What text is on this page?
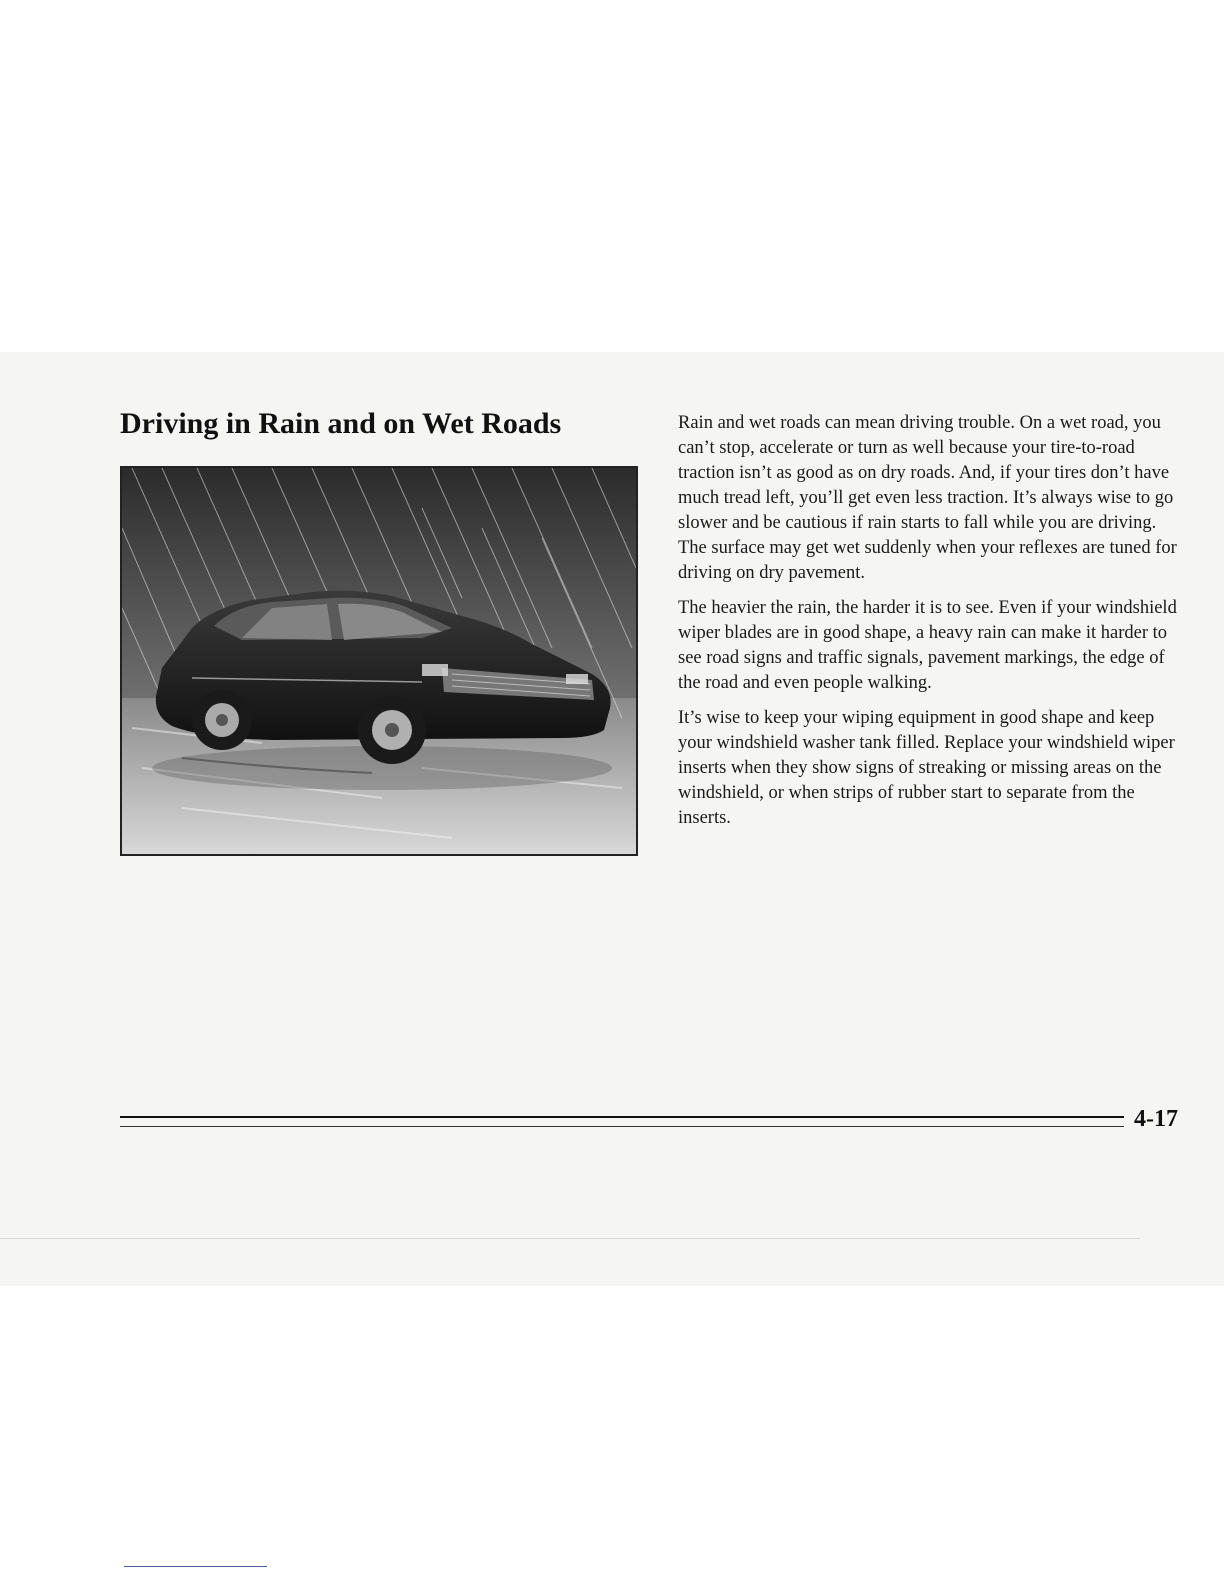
Driving in Rain and on Wet Roads	Rain and wet roads can mean driving trouble. On a wet road, you can’t stop, accelerate or turn as well because your tire-to-road traction isn’t as good as on dry roads. And, if your tires don’t have much tread left, you’ll get even less traction. It’s always wise to go slower and be cautious if rain starts to fall while you are driving. The surface may get wet suddenly when your reflexes are tuned for driving on dry pavement.

The heavier the rain, the harder it is to see. Even if your windshield wiper blades are in good shape, a heavy rain can make it harder to see road signs and traffic signals, pavement markings, the edge of the road and even people walking.

It’s wise to keep your wiping equipment in good shape and keep your windshield washer tank filled. Replace your windshield wiper inserts when they show signs of streaking or missing areas on the windshield, or when strips of rubber start to separate from the inserts.

4-17
